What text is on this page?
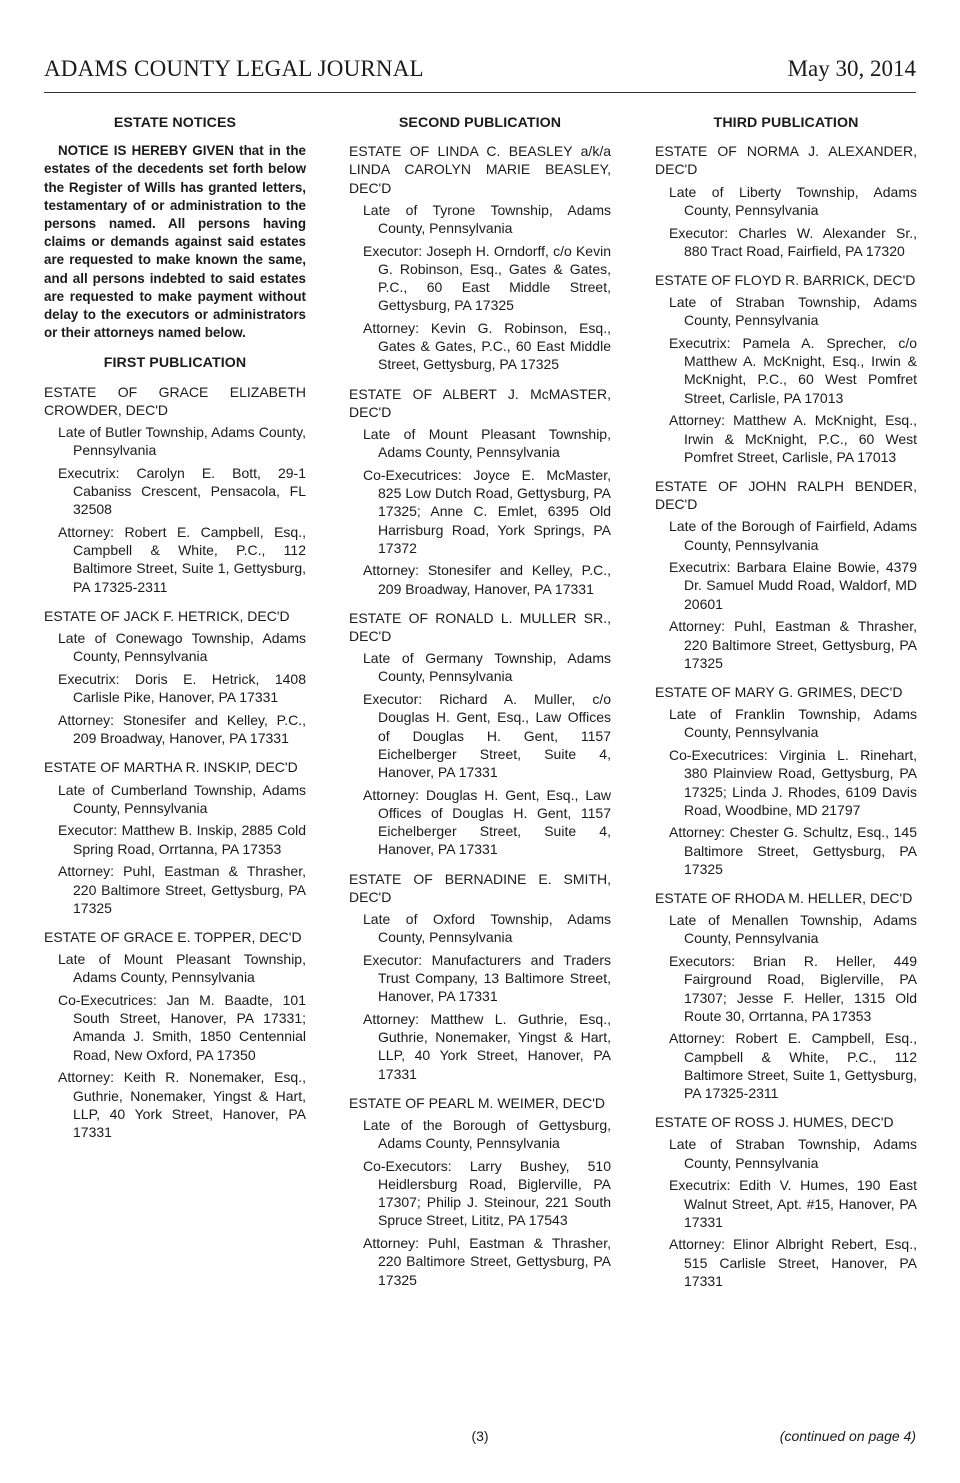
ADAMS COUNTY LEGAL JOURNAL	May 30, 2014
ESTATE NOTICES
NOTICE IS HEREBY GIVEN that in the estates of the decedents set forth below the Register of Wills has granted letters, testamentary of or administration to the persons named. All persons having claims or demands against said estates are requested to make known the same, and all persons indebted to said estates are requested to make payment without delay to the executors or administrators or their attorneys named below.
FIRST PUBLICATION
ESTATE OF GRACE ELIZABETH CROWDER, DEC'D
Late of Butler Township, Adams County, Pennsylvania
Executrix: Carolyn E. Bott, 29-1 Cabaniss Crescent, Pensacola, FL 32508
Attorney: Robert E. Campbell, Esq., Campbell & White, P.C., 112 Baltimore Street, Suite 1, Gettysburg, PA 17325-2311
ESTATE OF JACK F. HETRICK, DEC'D
Late of Conewago Township, Adams County, Pennsylvania
Executrix: Doris E. Hetrick, 1408 Carlisle Pike, Hanover, PA 17331
Attorney: Stonesifer and Kelley, P.C., 209 Broadway, Hanover, PA 17331
ESTATE OF MARTHA R. INSKIP, DEC'D
Late of Cumberland Township, Adams County, Pennsylvania
Executor: Matthew B. Inskip, 2885 Cold Spring Road, Orrtanna, PA 17353
Attorney: Puhl, Eastman & Thrasher, 220 Baltimore Street, Gettysburg, PA 17325
ESTATE OF GRACE E. TOPPER, DEC'D
Late of Mount Pleasant Township, Adams County, Pennsylvania
Co-Executrices: Jan M. Baadte, 101 South Street, Hanover, PA 17331; Amanda J. Smith, 1850 Centennial Road, New Oxford, PA 17350
Attorney: Keith R. Nonemaker, Esq., Guthrie, Nonemaker, Yingst & Hart, LLP, 40 York Street, Hanover, PA 17331
SECOND PUBLICATION
ESTATE OF LINDA C. BEASLEY a/k/a LINDA CAROLYN MARIE BEASLEY, DEC'D
Late of Tyrone Township, Adams County, Pennsylvania
Executor: Joseph H. Orndorff, c/o Kevin G. Robinson, Esq., Gates & Gates, P.C., 60 East Middle Street, Gettysburg, PA 17325
Attorney: Kevin G. Robinson, Esq., Gates & Gates, P.C., 60 East Middle Street, Gettysburg, PA 17325
ESTATE OF ALBERT J. McMASTER, DEC'D
Late of Mount Pleasant Township, Adams County, Pennsylvania
Co-Executrices: Joyce E. McMaster, 825 Low Dutch Road, Gettysburg, PA 17325; Anne C. Emlet, 6395 Old Harrisburg Road, York Springs, PA 17372
Attorney: Stonesifer and Kelley, P.C., 209 Broadway, Hanover, PA 17331
ESTATE OF RONALD L. MULLER SR., DEC'D
Late of Germany Township, Adams County, Pennsylvania
Executor: Richard A. Muller, c/o Douglas H. Gent, Esq., Law Offices of Douglas H. Gent, 1157 Eichelberger Street, Suite 4, Hanover, PA 17331
Attorney: Douglas H. Gent, Esq., Law Offices of Douglas H. Gent, 1157 Eichelberger Street, Suite 4, Hanover, PA 17331
ESTATE OF BERNADINE E. SMITH, DEC'D
Late of Oxford Township, Adams County, Pennsylvania
Executor: Manufacturers and Traders Trust Company, 13 Baltimore Street, Hanover, PA 17331
Attorney: Matthew L. Guthrie, Esq., Guthrie, Nonemaker, Yingst & Hart, LLP, 40 York Street, Hanover, PA 17331
ESTATE OF PEARL M. WEIMER, DEC'D
Late of the Borough of Gettysburg, Adams County, Pennsylvania
Co-Executors: Larry Bushey, 510 Heidlersburg Road, Biglerville, PA 17307; Philip J. Steinour, 221 South Spruce Street, Lititz, PA 17543
Attorney: Puhl, Eastman & Thrasher, 220 Baltimore Street, Gettysburg, PA 17325
THIRD PUBLICATION
ESTATE OF NORMA J. ALEXANDER, DEC'D
Late of Liberty Township, Adams County, Pennsylvania
Executor: Charles W. Alexander Sr., 880 Tract Road, Fairfield, PA 17320
ESTATE OF FLOYD R. BARRICK, DEC'D
Late of Straban Township, Adams County, Pennsylvania
Executrix: Pamela A. Sprecher, c/o Matthew A. McKnight, Esq., Irwin & McKnight, P.C., 60 West Pomfret Street, Carlisle, PA 17013
Attorney: Matthew A. McKnight, Esq., Irwin & McKnight, P.C., 60 West Pomfret Street, Carlisle, PA 17013
ESTATE OF JOHN RALPH BENDER, DEC'D
Late of the Borough of Fairfield, Adams County, Pennsylvania
Executrix: Barbara Elaine Bowie, 4379 Dr. Samuel Mudd Road, Waldorf, MD 20601
Attorney: Puhl, Eastman & Thrasher, 220 Baltimore Street, Gettysburg, PA 17325
ESTATE OF MARY G. GRIMES, DEC'D
Late of Franklin Township, Adams County, Pennsylvania
Co-Executrices: Virginia L. Rinehart, 380 Plainview Road, Gettysburg, PA 17325; Linda J. Rhodes, 6109 Davis Road, Woodbine, MD 21797
Attorney: Chester G. Schultz, Esq., 145 Baltimore Street, Gettysburg, PA 17325
ESTATE OF RHODA M. HELLER, DEC'D
Late of Menallen Township, Adams County, Pennsylvania
Executors: Brian R. Heller, 449 Fairground Road, Biglerville, PA 17307; Jesse F. Heller, 1315 Old Route 30, Orrtanna, PA 17353
Attorney: Robert E. Campbell, Esq., Campbell & White, P.C., 112 Baltimore Street, Suite 1, Gettysburg, PA 17325-2311
ESTATE OF ROSS J. HUMES, DEC'D
Late of Straban Township, Adams County, Pennsylvania
Executrix: Edith V. Humes, 190 East Walnut Street, Apt. #15, Hanover, PA 17331
Attorney: Elinor Albright Rebert, Esq., 515 Carlisle Street, Hanover, PA 17331
(3)	(continued on page 4)
